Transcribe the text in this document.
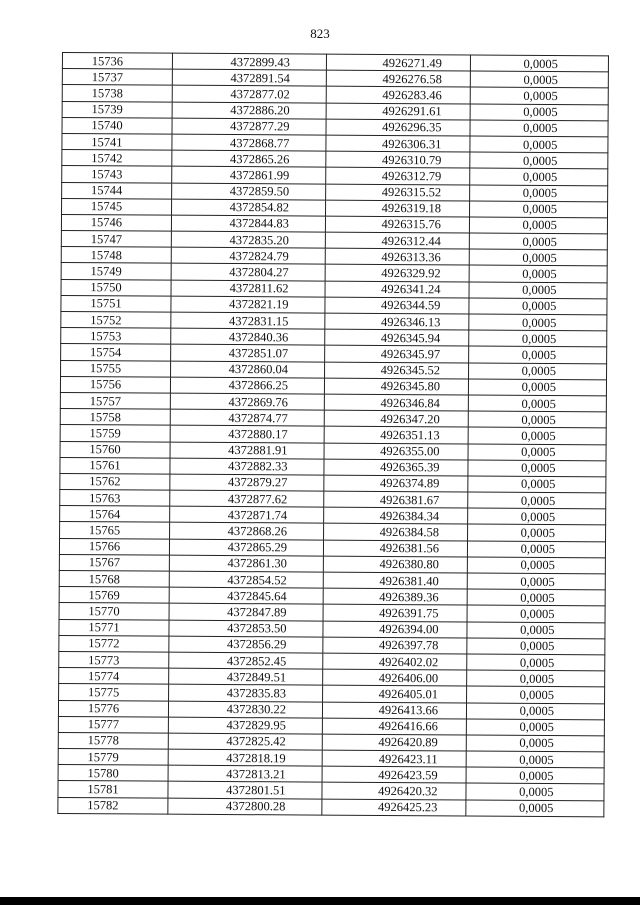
823
15736	4372899.43	4926271.49	0,0005
15737	4372891.54	4926276.58	0,0005
15738	4372877.02	4926283.46	0,0005
15739	4372886.20	4926291.61	0,0005
15740	4372877.29	4926296.35	0,0005
15741	4372868.77	4926306.31	0,0005
15742	4372865.26	4926310.79	0,0005
15743	4372861.99	4926312.79	0,0005
15744	4372859.50	4926315.52	0,0005
15745	4372854.82	4926319.18	0,0005
15746	4372844.83	4926315.76	0,0005
15747	4372835.20	4926312.44	0,0005
15748	4372824.79	4926313.36	0,0005
15749	4372804.27	4926329.92	0,0005
15750	4372811.62	4926341.24	0,0005
15751	4372821.19	4926344.59	0,0005
15752	4372831.15	4926346.13	0,0005
15753	4372840.36	4926345.94	0,0005
15754	4372851.07	4926345.97	0,0005
15755	4372860.04	4926345.52	0,0005
15756	4372866.25	4926345.80	0,0005
15757	4372869.76	4926346.84	0,0005
15758	4372874.77	4926347.20	0,0005
15759	4372880.17	4926351.13	0,0005
15760	4372881.91	4926355.00	0,0005
15761	4372882.33	4926365.39	0,0005
15762	4372879.27	4926374.89	0,0005
15763	4372877.62	4926381.67	0,0005
15764	4372871.74	4926384.34	0,0005
15765	4372868.26	4926384.58	0,0005
15766	4372865.29	4926381.56	0,0005
15767	4372861.30	4926380.80	0,0005
15768	4372854.52	4926381.40	0,0005
15769	4372845.64	4926389.36	0,0005
15770	4372847.89	4926391.75	0,0005
15771	4372853.50	4926394.00	0,0005
15772	4372856.29	4926397.78	0,0005
15773	4372852.45	4926402.02	0,0005
15774	4372849.51	4926406.00	0,0005
15775	4372835.83	4926405.01	0,0005
15776	4372830.22	4926413.66	0,0005
15777	4372829.95	4926416.66	0,0005
15778	4372825.42	4926420.89	0,0005
15779	4372818.19	4926423.11	0,0005
15780	4372813.21	4926423.59	0,0005
15781	4372801.51	4926420.32	0,0005
15782	4372800.28	4926425.23	0,0005
